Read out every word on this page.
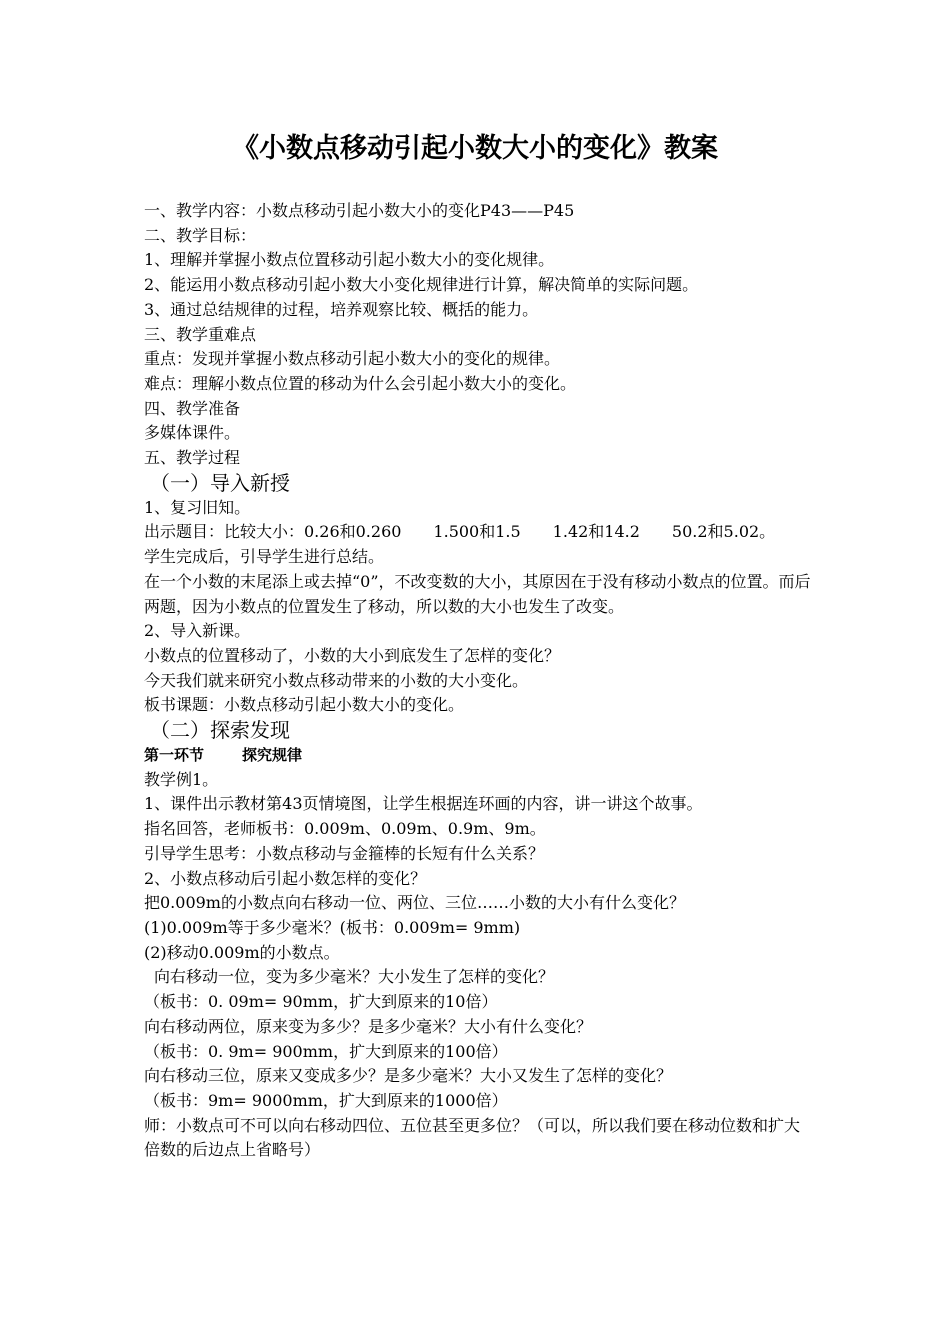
《小数点移动引起小数大小的变化》教案
一、教学内容：小数点移动引起小数大小的变化P43——P45
二、教学目标：
1、理解并掌握小数点位置移动引起小数大小的变化规律。
2、能运用小数点移动引起小数大小变化规律进行计算，解决简单的实际问题。
3、通过总结规律的过程，培养观察比较、概括的能力。
三、教学重难点
重点：发现并掌握小数点移动引起小数大小的变化的规律。
难点：理解小数点位置的移动为什么会引起小数大小的变化。
四、教学准备
多媒体课件。
五、教学过程
（一）导入新授
1、复习旧知。
出示题目：比较大小：0.26和0.260　　1.500和1.5　　1.42和14.2　　50.2和5.02。
学生完成后，引导学生进行总结。
在一个小数的末尾添上或去掉“0”，不改变数的大小，其原因在于没有移动小数点的位置。而后两题，因为小数点的位置发生了移动，所以数的大小也发生了改变。
2、导入新课。
小数点的位置移动了，小数的大小到底发生了怎样的变化？
今天我们就来研究小数点移动带来的小数的大小变化。
板书课题：小数点移动引起小数大小的变化。
（二）探索发现
第一环节	探究规律
教学例1。
1、课件出示教材第43页情境图，让学生根据连环画的内容，讲一讲这个故事。
指名回答，老师板书：0.009m、0.09m、0.9m、9m。
引导学生思考：小数点移动与金箍棒的长短有什么关系？
2、小数点移动后引起小数怎样的变化？
把0.009m的小数点向右移动一位、两位、三位……小数的大小有什么变化？
(1)0.009m等于多少毫米？(板书：0.009m= 9mm)
(2)移动0.009m的小数点。
向右移动一位，变为多少毫米？大小发生了怎样的变化？
（板书：0. 09m= 90mm，扩大到原来的10倍）
向右移动两位，原来变为多少？是多少毫米？大小有什么变化？
（板书：0. 9m= 900mm，扩大到原来的100倍）
向右移动三位，原来又变成多少？是多少毫米？大小又发生了怎样的变化？
（板书：9m= 9000mm，扩大到原来的1000倍）
师：小数点可不可以向右移动四位、五位甚至更多位？（可以，所以我们要在移动位数和扩大倍数的后边点上省略号）
